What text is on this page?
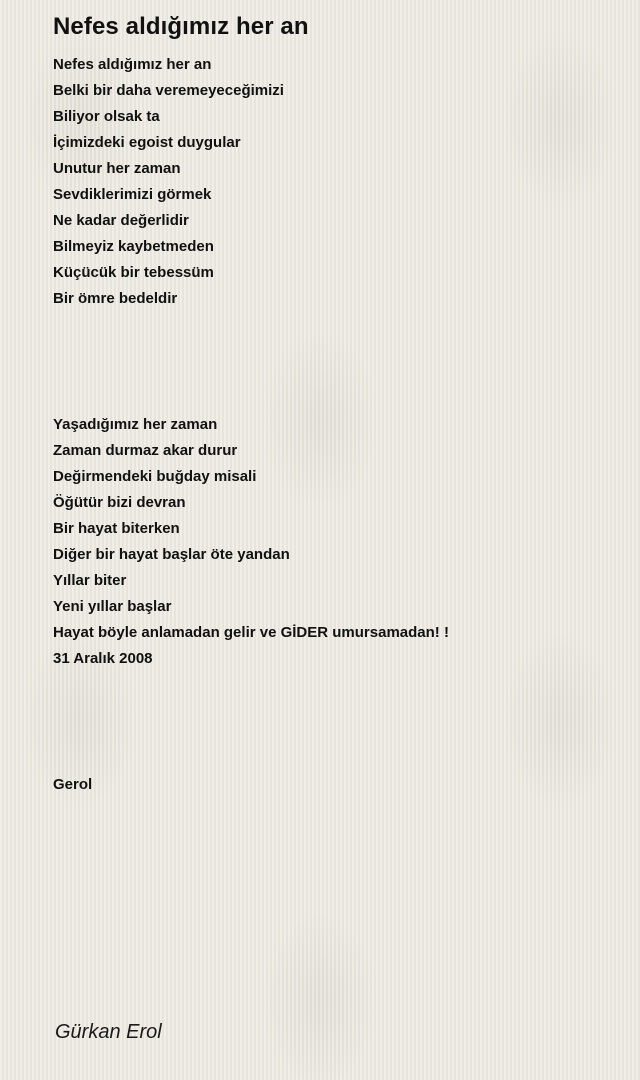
Nefes aldığımız her an
Nefes aldığımız her an
Belki bir daha veremeyeceğimizi
Biliyor olsak ta
İçimizdeki egoist duygular
Unutur her zaman
Sevdiklerimizi görmek
Ne kadar değerlidir
Bilmeyiz kaybetmeden
Küçücük bir tebessüm
Bir ömre bedeldir
Yaşadığımız her zaman
Zaman durmaz akar durur
Değirmendeki buğday misali
Öğütür bizi devran
Bir hayat biterken
Diğer bir hayat başlar öte yandan
Yıllar biter
Yeni yıllar başlar
Hayat böyle anlamadan gelir ve GİDER umursamadan! !
31 Aralık 2008
Gerol
Gürkan Erol
